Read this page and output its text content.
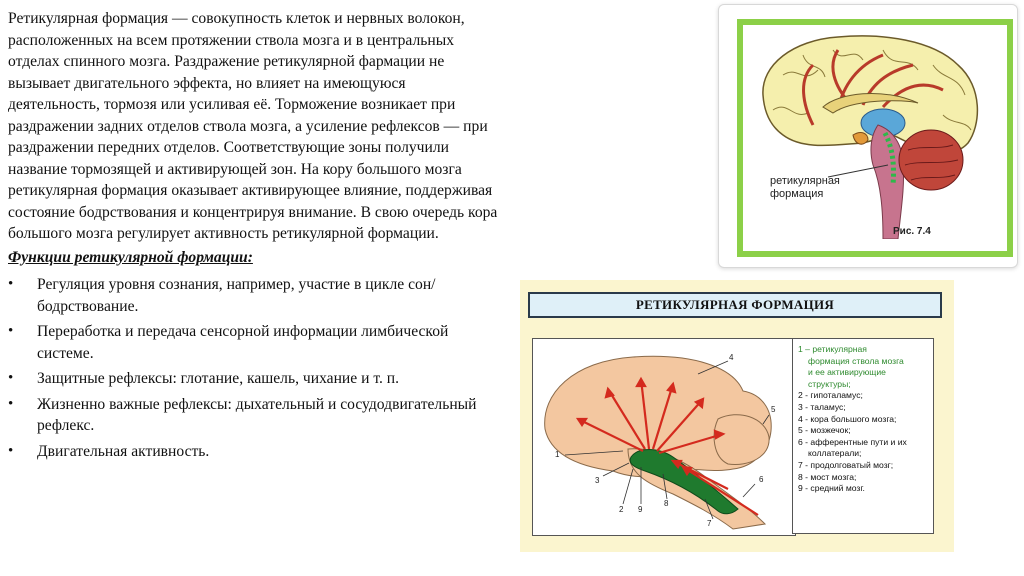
Ретикулярная формация — совокупность клеток и нервных волокон, расположенных на всем протяжении ствола мозга и в центральных отделах спинного мозга. Раздражение ретикулярной фармации не вызывает двигательного эффекта, но влияет на имеющуюся деятельность, тормозя или усиливая её. Торможение возникает при раздражении задних отделов ствола мозга, а усиление рефлексов — при раздражении передних отделов. Соответствующие зоны получили название тормозящей и активирующей зон. На кору большого мозга ретикулярная формация оказывает активирующее влияние, поддерживая состояние бодрствования и концентрируя внимание. В свою очередь кора большого мозга регулирует активность ретикулярной формации.

Функции ретикулярной формации:

• Регуляция уровня сознания, например, участие в цикле сон/бодрствование.
• Переработка и передача сенсорной информации лимбической системе.
• Защитные рефлексы: глотание, кашель, чихание и т. п.
• Жизненно важные рефлексы: дыхательный и сосудодвигательный рефлекс.
• Двигательная активность.
ретикулярная
формация
Рис. 7.4
РЕТИКУЛЯРНАЯ ФОРМАЦИЯ
1
2
3
4
5
6
7
8
9
1 – ретикулярная
формация ствола мозга
и ее активирующие
структуры;
2 - гипоталамус;
3 - таламус;
4 - кора большого мозга;
5 - мозжечок;
6 - афферентные пути и их
коллатерали;
7 - продолговатый мозг;
8 - мост мозга;
9 - средний мозг.
